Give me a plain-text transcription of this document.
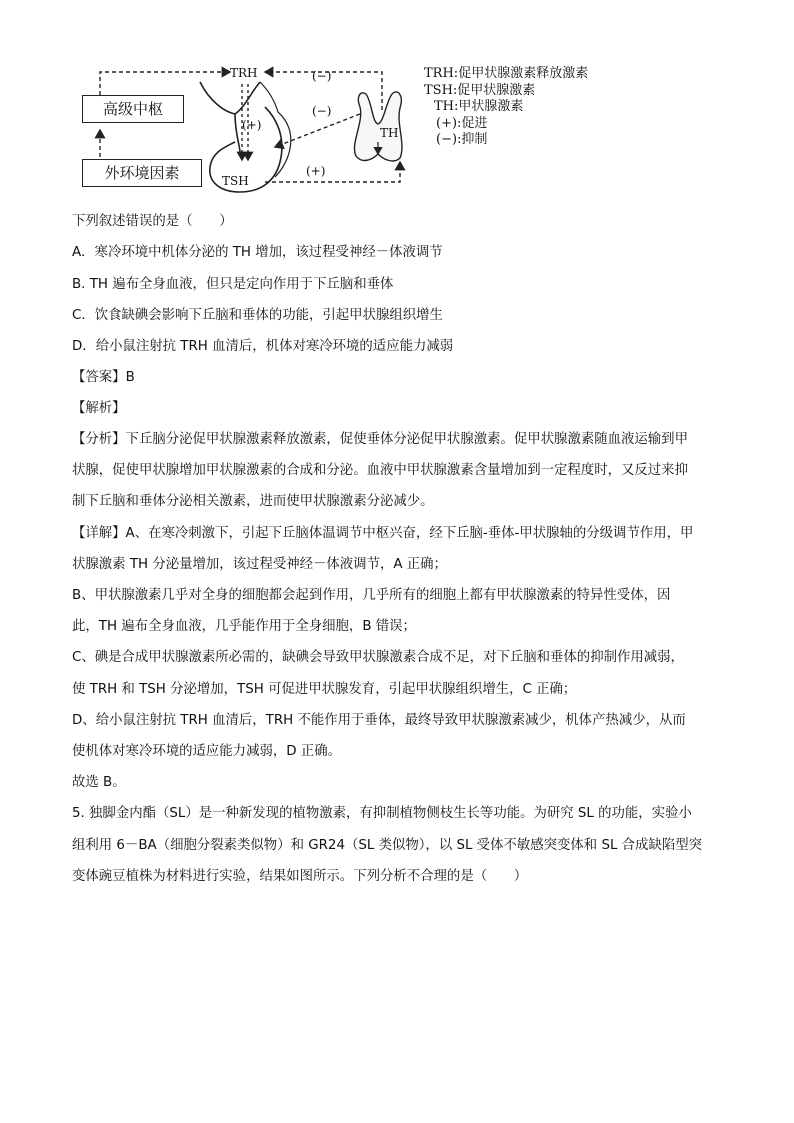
高级中枢
外环境因素
TRH
TSH
TH
(+)
(+)
(−)
(−)
TRH:促甲状腺激素释放激素
TSH:促甲状腺激素
TH:甲状腺激素
(+):促进
(−):抑制
下列叙述错误的是（　　）
A．寒冷环境中机体分泌的 TH 增加，该过程受神经－体液调节
B. TH 遍布全身血液，但只是定向作用于下丘脑和垂体
C．饮食缺碘会影响下丘脑和垂体的功能，引起甲状腺组织增生
D．给小鼠注射抗 TRH 血清后，机体对寒冷环境的适应能力减弱
【答案】B
【解析】
【分析】下丘脑分泌促甲状腺激素释放激素，促使垂体分泌促甲状腺激素。促甲状腺激素随血液运输到甲
状腺，促使甲状腺增加甲状腺激素的合成和分泌。血液中甲状腺激素含量增加到一定程度时，又反过来抑
制下丘脑和垂体分泌相关激素，进而使甲状腺激素分泌减少。
【详解】A、在寒冷刺激下，引起下丘脑体温调节中枢兴奋，经下丘脑-垂体-甲状腺轴的分级调节作用，甲
状腺激素 TH 分泌量增加，该过程受神经－体液调节，A 正确；
B、甲状腺激素几乎对全身的细胞都会起到作用，几乎所有的细胞上都有甲状腺激素的特异性受体，因
此，TH 遍布全身血液，几乎能作用于全身细胞，B 错误；
C、碘是合成甲状腺激素所必需的，缺碘会导致甲状腺激素合成不足，对下丘脑和垂体的抑制作用减弱，
使 TRH 和 TSH 分泌增加，TSH 可促进甲状腺发育，引起甲状腺组织增生，C 正确；
D、给小鼠注射抗 TRH 血清后，TRH 不能作用于垂体，最终导致甲状腺激素减少，机体产热减少，从而
使机体对寒冷环境的适应能力减弱，D 正确。
故选 B。
5. 独脚金内酯（SL）是一种新发现的植物激素，有抑制植物侧枝生长等功能。为研究 SL 的功能，实验小
组利用 6－BA（细胞分裂素类似物）和 GR24（SL 类似物），以 SL 受体不敏感突变体和 SL 合成缺陷型突
变体豌豆植株为材料进行实验，结果如图所示。下列分析不合理的是（　　）
